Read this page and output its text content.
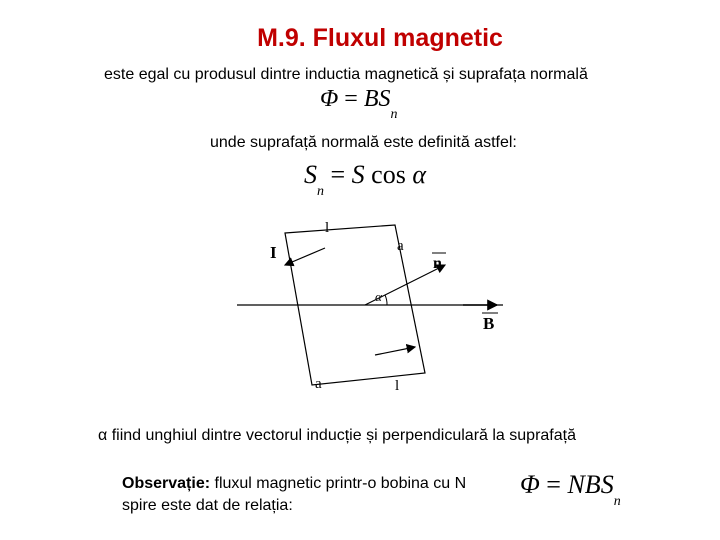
M.9. Fluxul magnetic
este egal cu produsul dintre inductia magnetică și suprafața normală
$\Phi = BS_n$
unde suprafață normală este definită astfel:
$S_n = S$ cos α
l
l
a
a
I
n
B
α
α fiind unghiul dintre vectorul inducție și perpendiculară la suprafață
Observație: fluxul magnetic printr-o bobina cu N spire este dat de relația:
$\Phi = NBS_n$
